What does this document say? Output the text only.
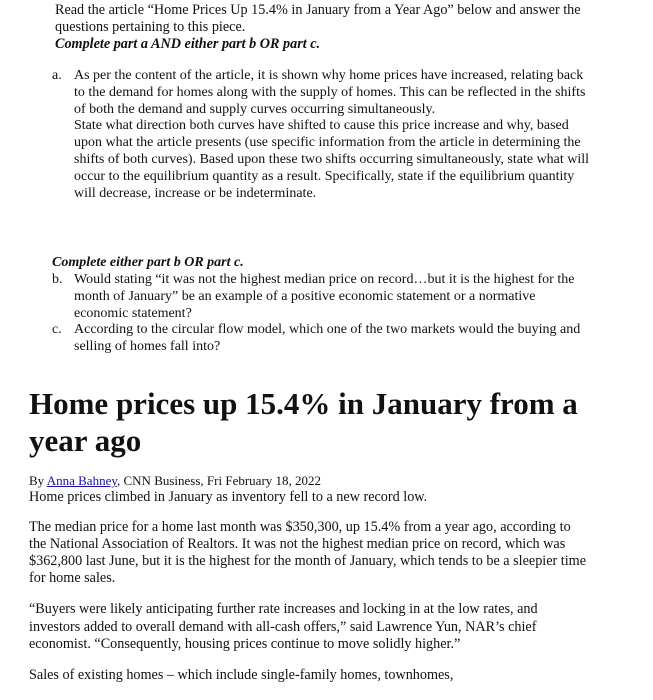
Read the article “Home Prices Up 15.4% in January from a Year Ago” below and answer the questions pertaining to this piece.
Complete part a AND either part b OR part c.
a. As per the content of the article, it is shown why home prices have increased, relating back to the demand for homes along with the supply of homes. This can be reflected in the shifts of both the demand and supply curves occurring simultaneously.

State what direction both curves have shifted to cause this price increase and why, based upon what the article presents (use specific information from the article in determining the shifts of both curves). Based upon these two shifts occurring simultaneously, state what will occur to the equilibrium quantity as a result. Specifically, state if the equilibrium quantity will decrease, increase or be indeterminate.

Complete either part b OR part c.
b. Would stating “it was not the highest median price on record…but it is the highest for the month of January” be an example of a positive economic statement or a normative economic statement?

c. According to the circular flow model, which one of the two markets would the buying and selling of homes fall into?

Home prices up 15.4% in January from a year ago

By Anna Bahney, CNN Business, Fri February 18, 2022

Home prices climbed in January as inventory fell to a new record low.

The median price for a home last month was $350,300, up 15.4% from a year ago, according to the National Association of Realtors. It was not the highest median price on record, which was $362,800 last June, but it is the highest for the month of January, which tends to be a sleepier time for home sales.

“Buyers were likely anticipating further rate increases and locking in at the low rates, and investors added to overall demand with all-cash offers,” said Lawrence Yun, NAR’s chief economist. “Consequently, housing prices continue to move solidly higher.”

Sales of existing homes – which include single-family homes, townhomes,
